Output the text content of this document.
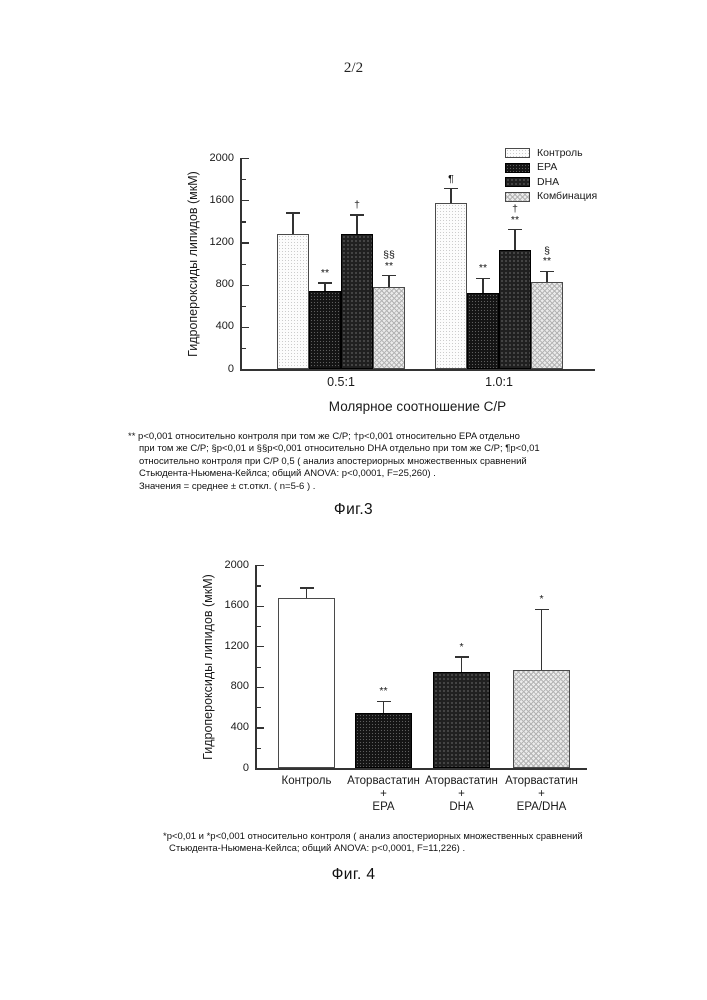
2/2
0
400
800
1200
1600
2000
Гидропероксиды липидов (мкМ)
Молярное соотношение C/P
0.5:1	1.0:1
**
†
§§
**
¶
**
†
**
§
**
Контроль
EPA
DHA
Комбинация
** p<0,001 относительно контроля при том же C/P; †p<0,001 относительно EPA отдельно
при том же C/P; §p<0,01 и §§p<0,001 относительно DHA отдельно при том же C/P; ¶p<0,01
относительно контроля при C/P 0,5 ( анализ апостериорных множественных сравнений
Стьюдента-Ньюмена-Кейлса; общий ANOVA: p<0,0001, F=25,260) .
Значения = среднее ± ст.откл. ( n=5-6 ) .
Фиг.3
0
400
800
1200
1600
2000
Гидропероксиды липидов (мкМ)
Контроль	Аторвастатин
+
EPA
Аторвастатин
+
DHA
Аторвастатин
+
EPA/DHA
**
*
*
*p<0,01 и *p<0,001 относительно контроля ( анализ апостериорных множественных сравнений
Стьюдента-Ньюмена-Кейлса; общий ANOVA: p<0,0001, F=11,226) .
Фиг. 4
